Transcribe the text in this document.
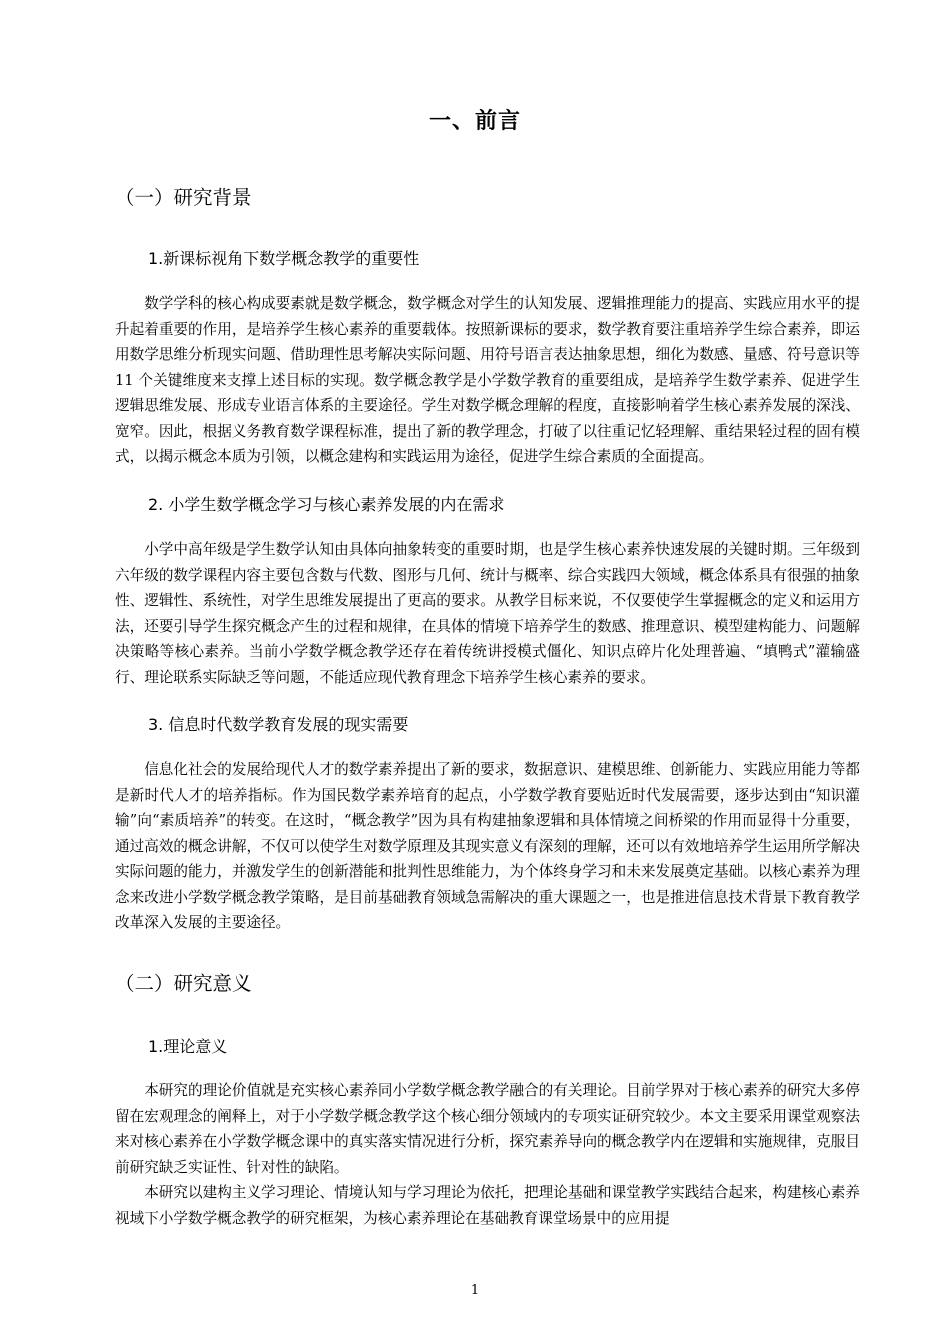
一、前言
（一）研究背景
1.新课标视角下数学概念教学的重要性

数学学科的核心构成要素就是数学概念，数学概念对学生的认知发展、逻辑推理能力的提高、实践应用水平的提升起着重要的作用，是培养学生核心素养的重要载体。按照新课标的要求，数学教育要注重培养学生综合素养，即运用数学思维分析现实问题、借助理性思考解决实际问题、用符号语言表达抽象思想，细化为数感、量感、符号意识等 11 个关键维度来支撑上述目标的实现。数学概念教学是小学数学教育的重要组成，是培养学生数学素养、促进学生逻辑思维发展、形成专业语言体系的主要途径。学生对数学概念理解的程度，直接影响着学生核心素养发展的深浅、宽窄。因此，根据义务教育数学课程标准，提出了新的教学理念，打破了以往重记忆轻理解、重结果轻过程的固有模式，以揭示概念本质为引领，以概念建构和实践运用为途径，促进学生综合素质的全面提高。

2. 小学生数学概念学习与核心素养发展的内在需求

小学中高年级是学生数学认知由具体向抽象转变的重要时期，也是学生核心素养快速发展的关键时期。三年级到六年级的数学课程内容主要包含数与代数、图形与几何、统计与概率、综合实践四大领域，概念体系具有很强的抽象性、逻辑性、系统性，对学生思维发展提出了更高的要求。从教学目标来说，不仅要使学生掌握概念的定义和运用方法，还要引导学生探究概念产生的过程和规律，在具体的情境下培养学生的数感、推理意识、模型建构能力、问题解决策略等核心素养。当前小学数学概念教学还存在着传统讲授模式僵化、知识点碎片化处理普遍、“填鸭式”灌输盛行、理论联系实际缺乏等问题，不能适应现代教育理念下培养学生核心素养的要求。

3. 信息时代数学教育发展的现实需要

信息化社会的发展给现代人才的数学素养提出了新的要求，数据意识、建模思维、创新能力、实践应用能力等都是新时代人才的培养指标。作为国民数学素养培育的起点，小学数学教育要贴近时代发展需要，逐步达到由“知识灌输”向“素质培养”的转变。在这时，“概念教学”因为具有构建抽象逻辑和具体情境之间桥梁的作用而显得十分重要，通过高效的概念讲解，不仅可以使学生对数学原理及其现实意义有深刻的理解，还可以有效地培养学生运用所学解决实际问题的能力，并激发学生的创新潜能和批判性思维能力，为个体终身学习和未来发展奠定基础。以核心素养为理念来改进小学数学概念教学策略，是目前基础教育领域急需解决的重大课题之一，也是推进信息技术背景下教育教学改革深入发展的主要途径。

（二）研究意义
1.理论意义

本研究的理论价值就是充实核心素养同小学数学概念教学融合的有关理论。目前学界对于核心素养的研究大多停留在宏观理念的阐释上，对于小学数学概念教学这个核心细分领域内的专项实证研究较少。本文主要采用课堂观察法来对核心素养在小学数学概念课中的真实落实情况进行分析，探究素养导向的概念教学内在逻辑和实施规律，克服目前研究缺乏实证性、针对性的缺陷。

本研究以建构主义学习理论、情境认知与学习理论为依托，把理论基础和课堂教学实践结合起来，构建核心素养视域下小学数学概念教学的研究框架，为核心素养理论在基础教育课堂场景中的应用提

1
